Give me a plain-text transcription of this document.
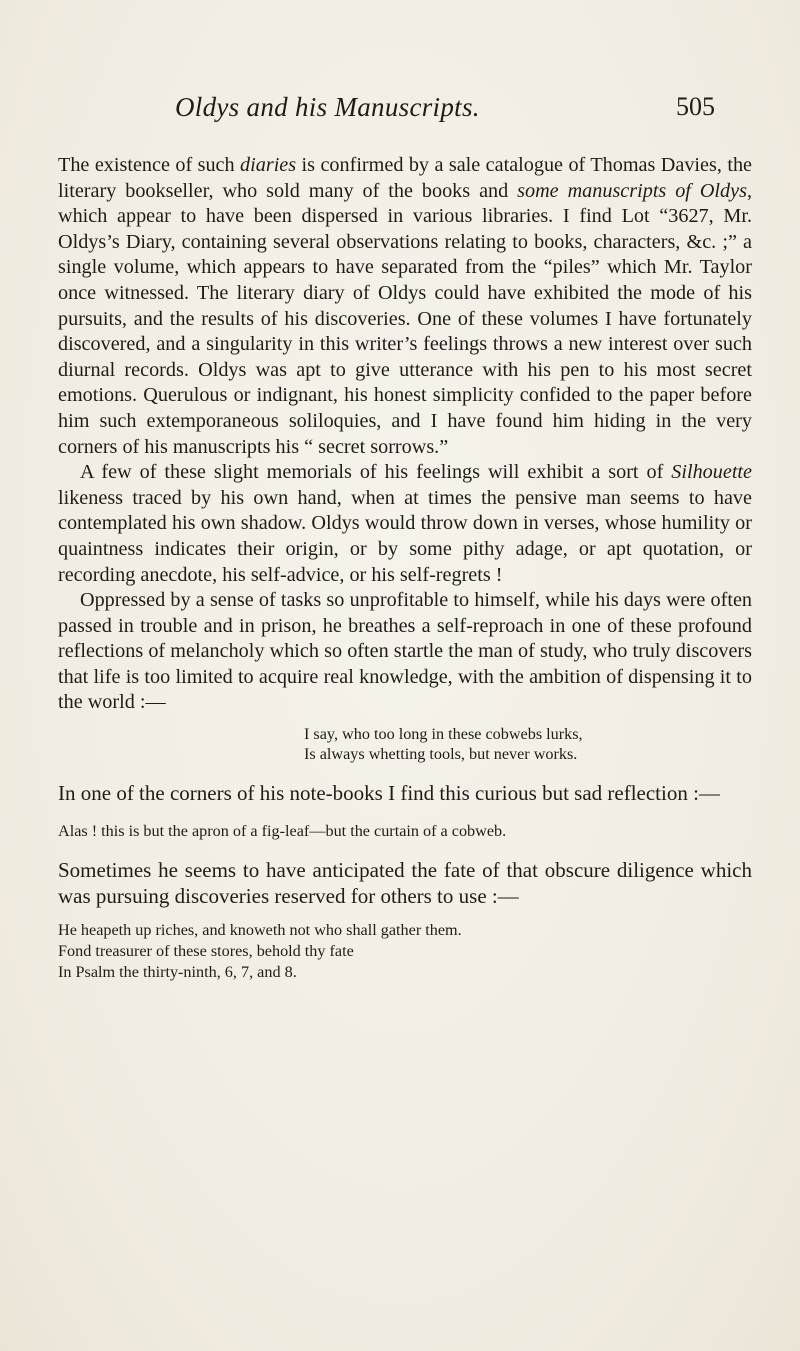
Oldys and his Manuscripts.	505

The existence of such diaries is confirmed by a sale catalogue of Thomas Davies, the literary bookseller, who sold many of the books and some manuscripts of Oldys, which appear to have been dispersed in various libraries. I find Lot “3627, Mr. Oldys’s Diary, containing several observations relating to books, characters, &c. ;” a single volume, which appears to have separated from the “piles” which Mr. Taylor once witnessed. The literary diary of Oldys could have exhibited the mode of his pursuits, and the results of his discoveries. One of these volumes I have fortunately discovered, and a singularity in this writer’s feelings throws a new interest over such diurnal records. Oldys was apt to give utterance with his pen to his most secret emotions. Querulous or indignant, his honest simplicity confided to the paper before him such extemporaneous soliloquies, and I have found him hiding in the very corners of his manuscripts his “ secret sorrows.”

A few of these slight memorials of his feelings will exhibit a sort of Silhouette likeness traced by his own hand, when at times the pensive man seems to have contemplated his own shadow. Oldys would throw down in verses, whose humility or quaintness indicates their origin, or by some pithy adage, or apt quotation, or recording anecdote, his self-advice, or his self-regrets !

Oppressed by a sense of tasks so unprofitable to himself, while his days were often passed in trouble and in prison, he breathes a self-reproach in one of these profound reflections of melancholy which so often startle the man of study, who truly discovers that life is too limited to acquire real knowledge, with the ambition of dispensing it to the world :—

I say, who too long in these cobwebs lurks,
Is always whetting tools, but never works.

In one of the corners of his note-books I find this curious but sad reflection :—

Alas ! this is but the apron of a fig-leaf—but the curtain of a cobweb.

Sometimes he seems to have anticipated the fate of that obscure diligence which was pursuing discoveries reserved for others to use :—

He heapeth up riches, and knoweth not who shall gather them.
Fond treasurer of these stores, behold thy fate
In Psalm the thirty-ninth, 6, 7, and 8.
